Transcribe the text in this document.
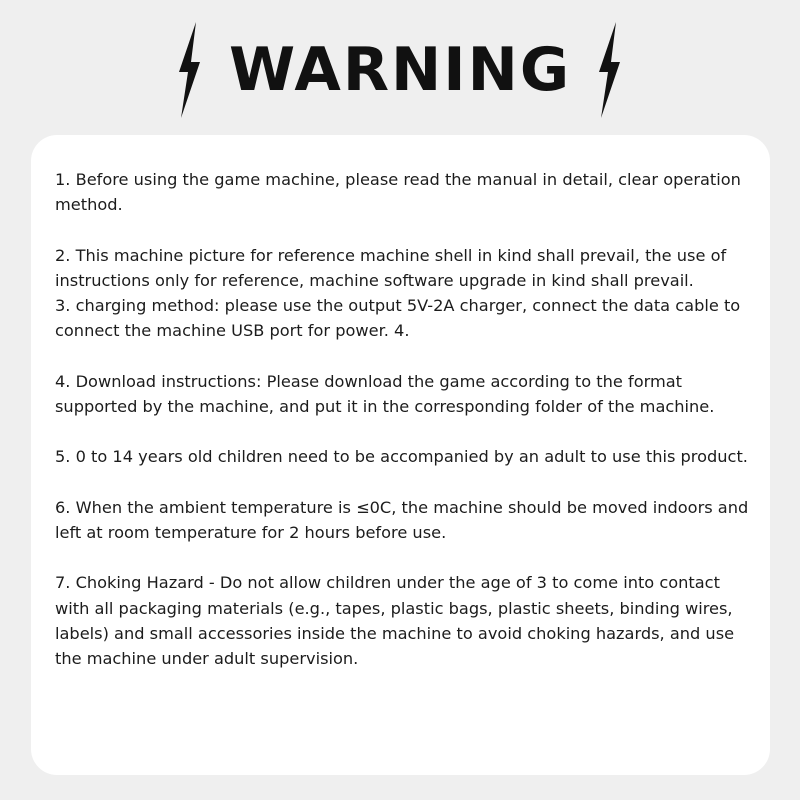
WARNING

1. Before using the game machine, please read the manual in detail, clear operation method.

2. This machine picture for reference machine shell in kind shall prevail, the use of instructions only for reference, machine software upgrade in kind shall prevail.

3. charging method: please use the output 5V-2A charger, connect the data cable to connect the machine USB port for power. 4.

4. Download instructions: Please download the game according to the format supported by the machine, and put it in the corresponding folder of the machine.

5. 0 to 14 years old children need to be accompanied by an adult to use this product.

6. When the ambient temperature is ≤0C, the machine should be moved indoors and left at room temperature for 2 hours before use.

7. Choking Hazard - Do not allow children under the age of 3 to come into contact with all packaging materials (e.g., tapes, plastic bags, plastic sheets, binding wires, labels) and small accessories inside the machine to avoid choking hazards, and use the machine under adult supervision.
